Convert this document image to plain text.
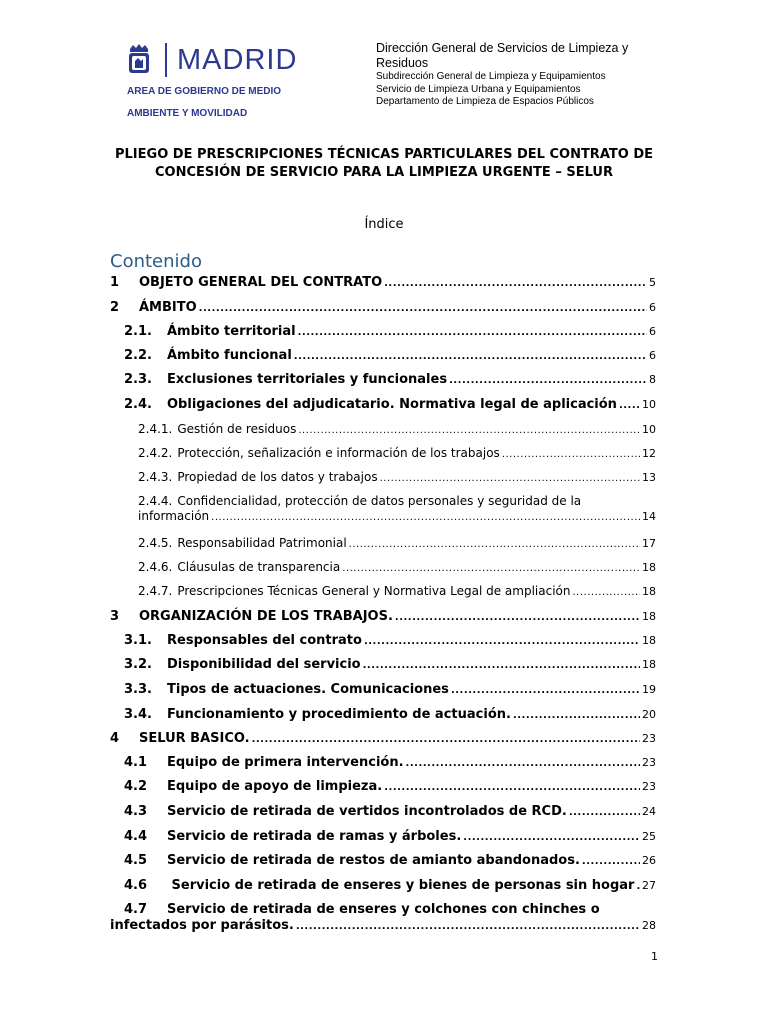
MADRID
AREA DE GOBIERNO DE MEDIO
AMBIENTE Y MOVILIDAD
Dirección General de Servicios de Limpieza y
Residuos
Subdirección General de Limpieza y Equipamientos
Servicio de Limpieza Urbana y Equipamientos
Departamento de Limpieza de Espacios Públicos
PLIEGO DE PRESCRIPCIONES TÉCNICAS PARTICULARES DEL CONTRATO DE
CONCESIÓN DE SERVICIO PARA LA LIMPIEZA URGENTE – SELUR
Índice
Contenido
1	OBJETO GENERAL DEL CONTRATO .....	5
2	ÁMBITO .....	6
2.1.	Ámbito territorial .....	6
2.2.	Ámbito funcional .....	6
2.3.	Exclusiones territoriales y funcionales .....	8
2.4.	Obligaciones del adjudicatario. Normativa legal de aplicación ..... 10
2.4.1. Gestión de residuos .....	10
2.4.2. Protección, señalización e información de los trabajos .....	12
2.4.3. Propiedad de los datos y trabajos .....	13
2.4.4. Confidencialidad, protección de datos personales y seguridad de la
información .....	14
2.4.5. Responsabilidad Patrimonial .....	17
2.4.6. Cláusulas de transparencia .....	18
2.4.7. Prescripciones Técnicas General y Normativa Legal de ampliación .....	18
3	ORGANIZACIÓN DE LOS TRABAJOS. .....	18
3.1.	Responsables del contrato .....	18
3.2.	Disponibilidad del servicio .....	18
3.3.	Tipos de actuaciones. Comunicaciones .....	19
3.4.	Funcionamiento y procedimiento de actuación. .....	20
4	SELUR BASICO. .....	23
4.1	Equipo de primera intervención. .....	23
4.2	Equipo de apoyo de limpieza. .....	23
4.3	Servicio de retirada de vertidos incontrolados de RCD. .....	24
4.4	Servicio de retirada de ramas y árboles. .....	25
4.5	Servicio de retirada de restos de amianto abandonados. .....	26
4.6	Servicio de retirada de enseres y bienes de personas sin hogar ..... 27
4.7 Servicio de retirada de enseres y colchones con chinches o
infectados por parásitos. .....	28
1
